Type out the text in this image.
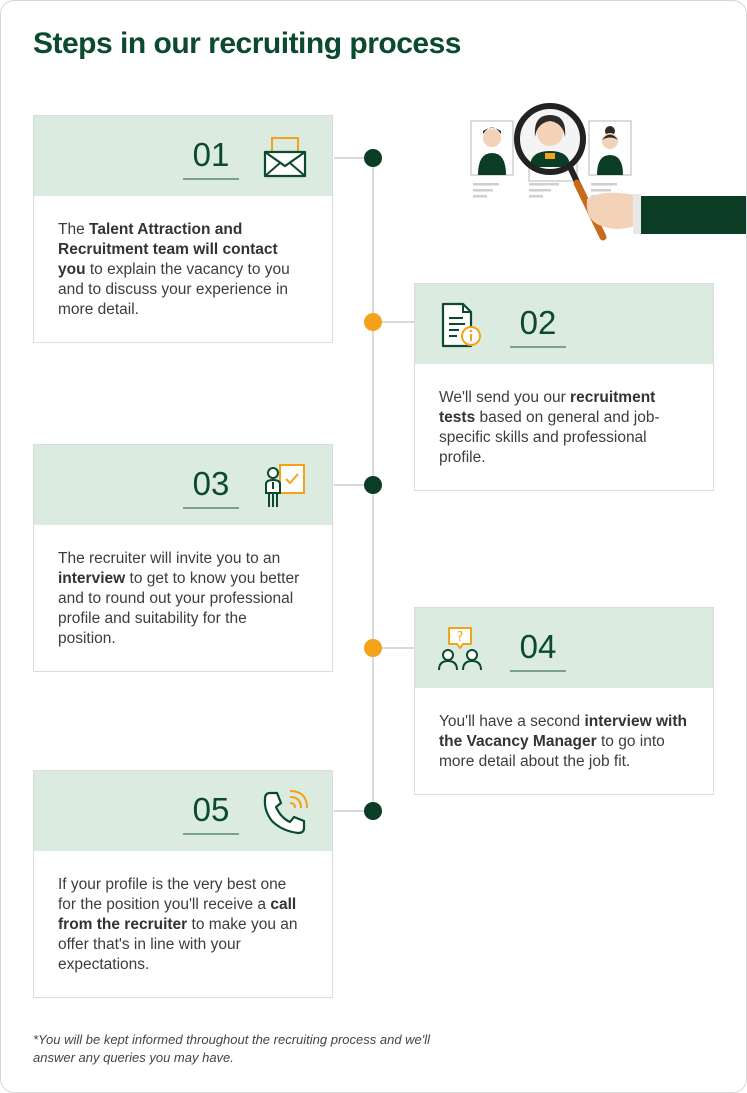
Steps in our recruiting process
01
The Talent Attraction and Recruitment team will contact you to explain the vacancy to you and to discuss your experience in more detail.	02
We'll send you our recruitment tests based on general and job-specific skills and professional profile.
03
The recruiter will invite you to an interview to get to know you better and to round out your professional profile and suitability for the position.	? 04
You'll have a second interview with the Vacancy Manager to go into more detail about the job fit.
05
If your profile is the very best one for the position you'll receive a call from the recruiter to make you an offer that's in line with your expectations.

*You will be kept informed throughout the recruiting process and we'll answer any queries you may have.
